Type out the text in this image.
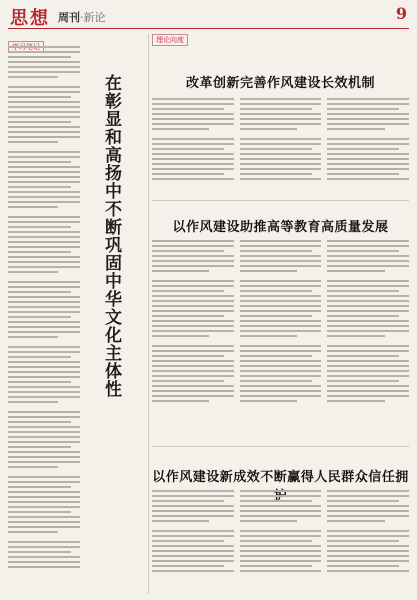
思想 周刊·新论	9
在彰显和高扬中不断巩固中华文化主体性
理论向度
改革创新完善作风建设长效机制
以作风建设助推高等教育高质量发展
以作风建设新成效不断赢得人民群众信任拥
